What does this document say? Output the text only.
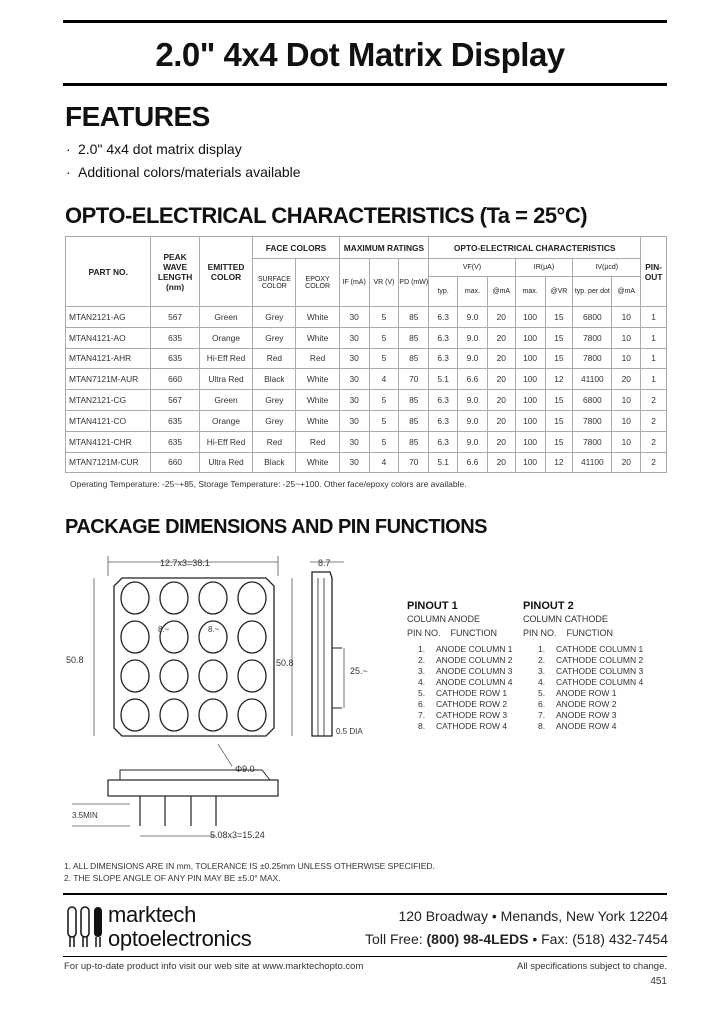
2.0" 4x4 Dot Matrix Display
FEATURES
· 2.0" 4x4 dot matrix display
· Additional colors/materials available
OPTO-ELECTRICAL CHARACTERISTICS (Ta = 25°C)
PART NO.	PEAK WAVE LENGTH (nm)	EMITTED COLOR	FACE COLORS		MAXIMUM RATINGS			OPTO-ELECTRICAL CHARACTERISTICS							PIN-OUT
			SURFACE COLOR	EPOXY COLOR	IF (mA)	VR (V)	PD (mW)	VF(V)			IR(μA)		IV(μcd)		
								typ.	max.	@mA	max.	@VR	typ. per dot	@mA	
MTAN2121-AG	567	Green	Grey	White	30	5	85	6.3	9.0	20	100	15	6800	10	1
MTAN4121-AO	635	Orange	Grey	White	30	5	85	6.3	9.0	20	100	15	7800	10	1
MTAN4121-AHR	635	Hi-Eff Red	Red	Red	30	5	85	6.3	9.0	20	100	15	7800	10	1
MTAN7121M-AUR	660	Ultra Red	Black	White	30	4	70	5.1	6.6	20	100	12	41100	20	1
MTAN2121-CG	567	Green	Grey	White	30	5	85	6.3	9.0	20	100	15	6800	10	2
MTAN4121-CO	635	Orange	Grey	White	30	5	85	6.3	9.0	20	100	15	7800	10	2
MTAN4121-CHR	635	Hi-Eff Red	Red	Red	30	5	85	6.3	9.0	20	100	15	7800	10	2
MTAN7121M-CUR	660	Ultra Red	Black	White	30	4	70	5.1	6.6	20	100	12	41100	20	2
Operating Temperature: -25~+85, Storage Temperature: -25~+100. Other face/epoxy colors are available.
PACKAGE DIMENSIONS AND PIN FUNCTIONS
12.7x3=38.1
8.~	8.~
50.8	50.8
Φ9.0
8.7
25.~
0.5 DIA
3.5MIN
5.08x3=15.24
PINOUT 1
COLUMN ANODE
PIN NO.    FUNCTION
1. ANODE COLUMN 1
2. ANODE COLUMN 2
3. ANODE COLUMN 3
4. ANODE COLUMN 4
5. CATHODE ROW 1
6. CATHODE ROW 2
7. CATHODE ROW 3
8. CATHODE ROW 4
PINOUT 2
COLUMN CATHODE
PIN NO.    FUNCTION
1. CATHODE COLUMN 1
2. CATHODE COLUMN 2
3. CATHODE COLUMN 3
4. CATHODE COLUMN 4
5. ANODE ROW 1
6. ANODE ROW 2
7. ANODE ROW 3
8. ANODE ROW 4
1. ALL DIMENSIONS ARE IN mm, TOLERANCE IS ±0.25mm UNLESS OTHERWISE SPECIFIED.
2. THE SLOPE ANGLE OF ANY PIN MAY BE ±5.0° MAX.
marktech
optoelectronics
120 Broadway • Menands, New York 12204
Toll Free: (800) 98-4LEDS • Fax: (518) 432-7454
For up-to-date product info visit our web site at www.marktechopto.com	All specifications subject to change.
451
